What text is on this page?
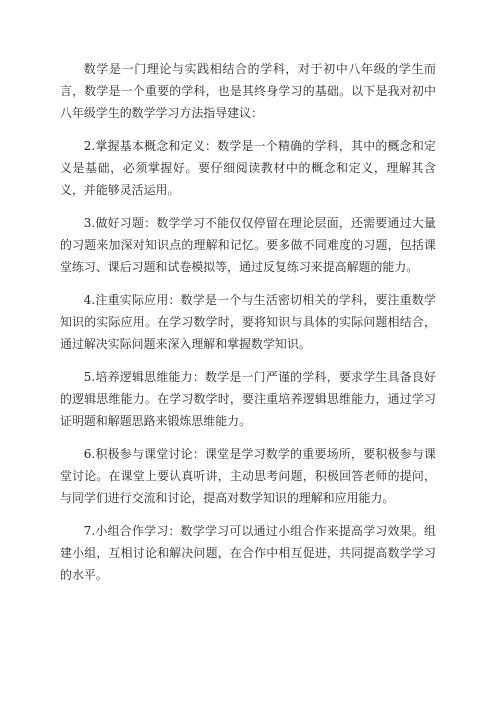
数学是一门理论与实践相结合的学科，对于初中八年级的学生而言，数学是一个重要的学科，也是其终身学习的基础。以下是我对初中八年级学生的数学学习方法指导建议：

2.掌握基本概念和定义：数学是一个精确的学科，其中的概念和定义是基础，必须掌握好。要仔细阅读教材中的概念和定义，理解其含义，并能够灵活运用。

3.做好习题：数学学习不能仅仅停留在理论层面，还需要通过大量的习题来加深对知识点的理解和记忆。要多做不同难度的习题，包括课堂练习、课后习题和试卷模拟等，通过反复练习来提高解题的能力。

4.注重实际应用：数学是一个与生活密切相关的学科，要注重数学知识的实际应用。在学习数学时，要将知识与具体的实际问题相结合，通过解决实际问题来深入理解和掌握数学知识。

5.培养逻辑思维能力：数学是一门严谨的学科，要求学生具备良好的逻辑思维能力。在学习数学时，要注重培养逻辑思维能力，通过学习证明题和解题思路来锻炼思维能力。

6.积极参与课堂讨论：课堂是学习数学的重要场所，要积极参与课堂讨论。在课堂上要认真听讲，主动思考问题，积极回答老师的提问，与同学们进行交流和讨论，提高对数学知识的理解和应用能力。

7.小组合作学习：数学学习可以通过小组合作来提高学习效果。组建小组，互相讨论和解决问题，在合作中相互促进，共同提高数学学习的水平。
